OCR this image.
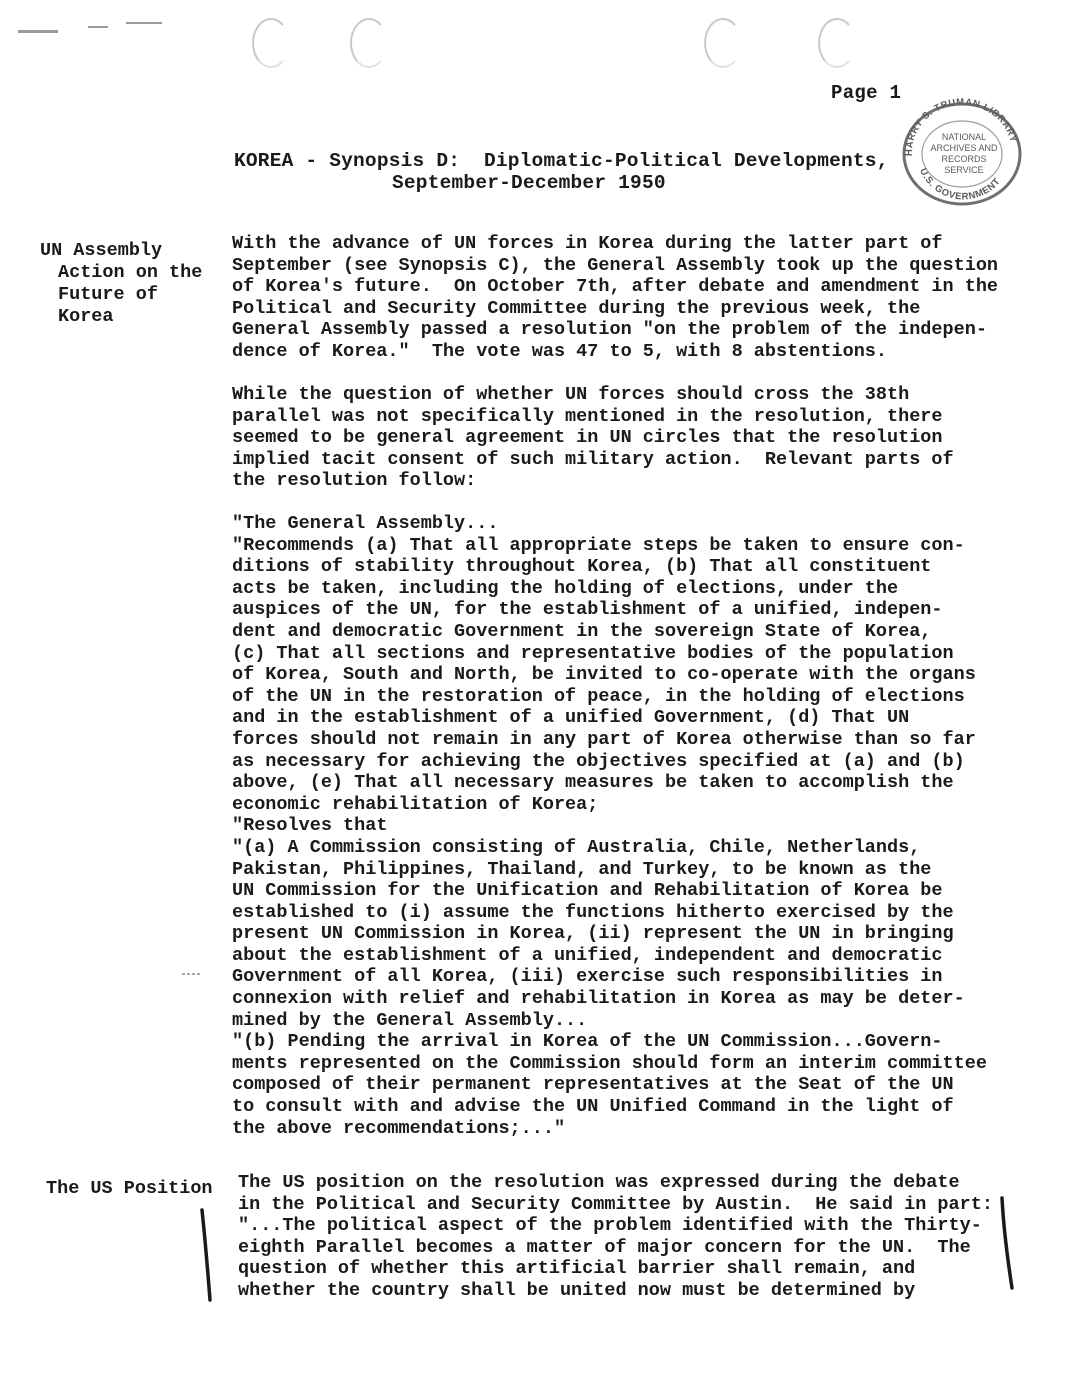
Page 1
HARRY S. TRUMAN LIBRARY
U.S. GOVERNMENT
NATIONAL
ARCHIVES AND
RECORDS
SERVICE
KOREA - Synopsis D:  Diplomatic-Political Developments,
September-December 1950
UN Assembly
Action on the
Future of
Korea
With the advance of UN forces in Korea during the latter part of
September (see Synopsis C), the General Assembly took up the question
of Korea's future.  On October 7th, after debate and amendment in the
Political and Security Committee during the previous week, the
General Assembly passed a resolution "on the problem of the indepen-
dence of Korea."  The vote was 47 to 5, with 8 abstentions.
While the question of whether UN forces should cross the 38th
parallel was not specifically mentioned in the resolution, there
seemed to be general agreement in UN circles that the resolution
implied tacit consent of such military action.  Relevant parts of
the resolution follow:
"The General Assembly...
"Recommends (a) That all appropriate steps be taken to ensure con-
ditions of stability throughout Korea, (b) That all constituent
acts be taken, including the holding of elections, under the
auspices of the UN, for the establishment of a unified, indepen-
dent and democratic Government in the sovereign State of Korea,
(c) That all sections and representative bodies of the population
of Korea, South and North, be invited to co-operate with the organs
of the UN in the restoration of peace, in the holding of elections
and in the establishment of a unified Government, (d) That UN
forces should not remain in any part of Korea otherwise than so far
as necessary for achieving the objectives specified at (a) and (b)
above, (e) That all necessary measures be taken to accomplish the
economic rehabilitation of Korea;
"Resolves that
"(a) A Commission consisting of Australia, Chile, Netherlands,
Pakistan, Philippines, Thailand, and Turkey, to be known as the
UN Commission for the Unification and Rehabilitation of Korea be
established to (i) assume the functions hitherto exercised by the
present UN Commission in Korea, (ii) represent the UN in bringing
about the establishment of a unified, independent and democratic
Government of all Korea, (iii) exercise such responsibilities in
connexion with relief and rehabilitation in Korea as may be deter-
mined by the General Assembly...
"(b) Pending the arrival in Korea of the UN Commission...Govern-
ments represented on the Commission should form an interim committee
composed of their permanent representatives at the Seat of the UN
to consult with and advise the UN Unified Command in the light of
the above recommendations;..."
The US Position The US position on the resolution was expressed during the debate
in the Political and Security Committee by Austin.  He said in part:
"...The political aspect of the problem identified with the Thirty-
eighth Parallel becomes a matter of major concern for the UN.  The
question of whether this artificial barrier shall remain, and
whether the country shall be united now must be determined by
